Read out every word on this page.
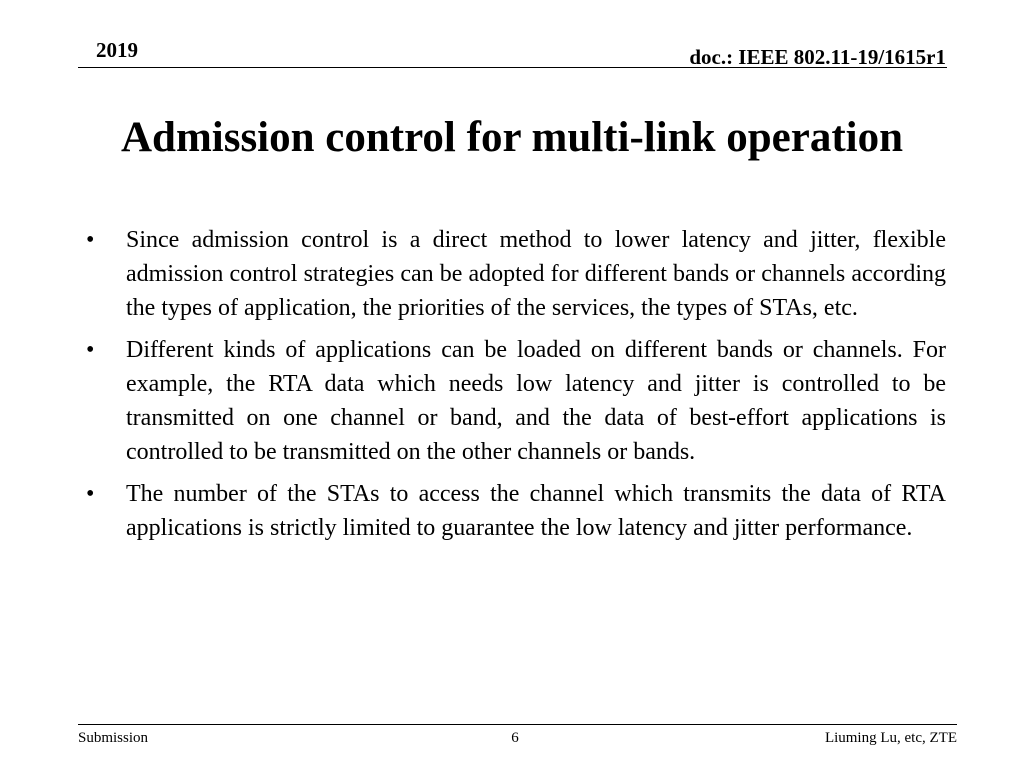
2019	doc.: IEEE 802.11-19/1615r1
Admission control for multi-link operation
•	Since admission control is a direct method to lower latency and jitter, flexible admission control strategies can be adopted for different bands or channels according the types of application, the priorities of the services, the types of STAs, etc.
•	Different kinds of applications can be loaded on different bands or channels. For example, the RTA data which needs low latency and jitter is controlled to be transmitted on one channel or band, and the data of best-effort applications is controlled to be transmitted on the other channels or bands.
•	The number of the STAs to access the channel which transmits the data of RTA applications is strictly limited to guarantee the low latency and jitter performance.
Submission	6	Liuming Lu, etc, ZTE
